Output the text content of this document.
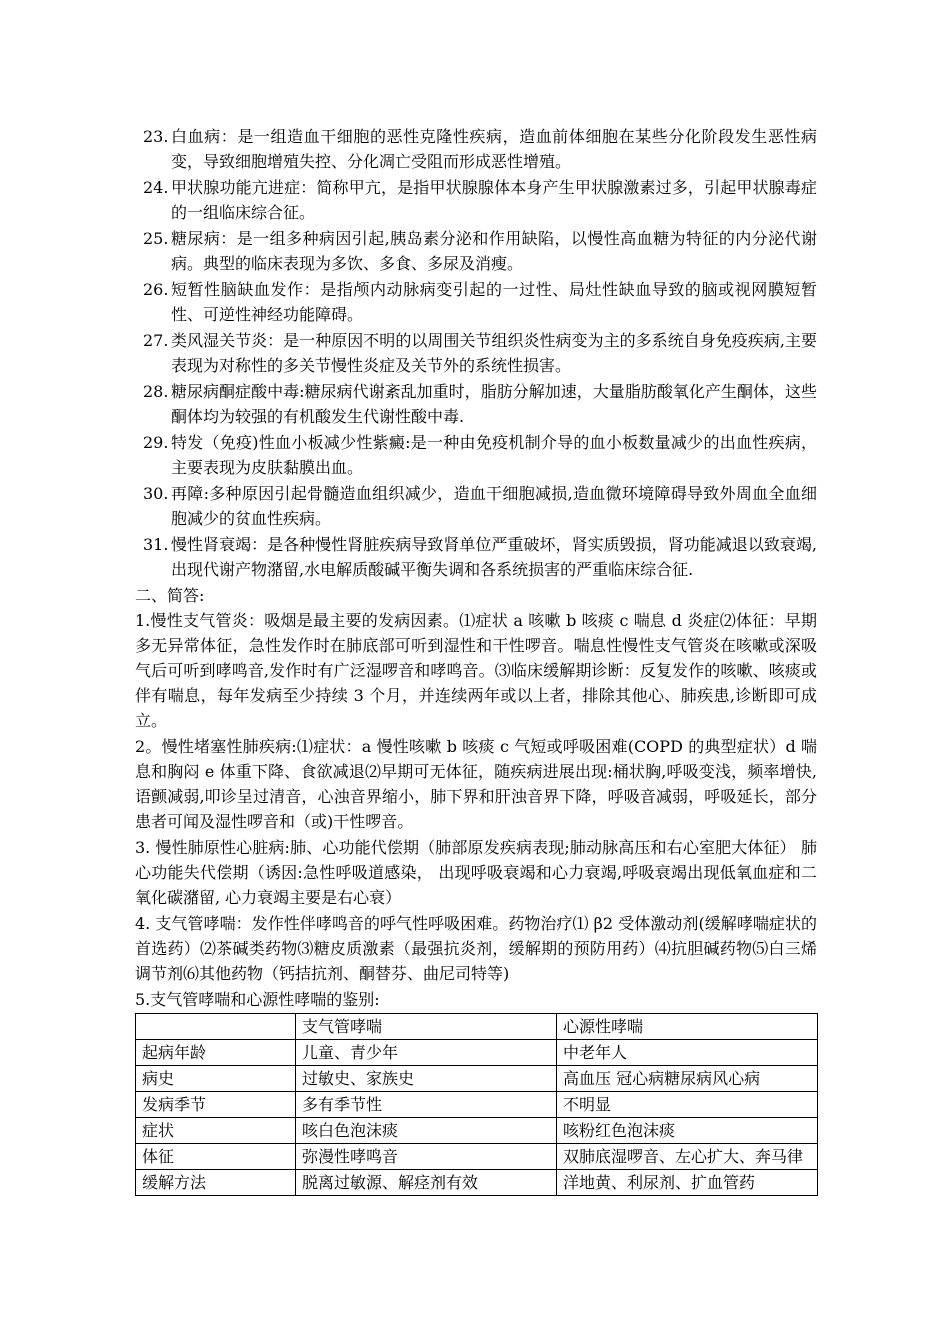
23. 白血病：是一组造血干细胞的恶性克隆性疾病，造血前体细胞在某些分化阶段发生恶性病变，导致细胞增殖失控、分化凋亡受阻而形成恶性增殖。
24. 甲状腺功能亢进症：简称甲亢，是指甲状腺腺体本身产生甲状腺激素过多，引起甲状腺毒症的一组临床综合征。
25. 糖尿病：是一组多种病因引起,胰岛素分泌和作用缺陷，以慢性高血糖为特征的内分泌代谢病。典型的临床表现为多饮、多食、多尿及消瘦。
26. 短暂性脑缺血发作：是指颅内动脉病变引起的一过性、局灶性缺血导致的脑或视网膜短暂性、可逆性神经功能障碍。
27. 类风湿关节炎：是一种原因不明的以周围关节组织炎性病变为主的多系统自身免疫疾病,主要表现为对称性的多关节慢性炎症及关节外的系统性损害。
28. 糖尿病酮症酸中毒:糖尿病代谢紊乱加重时，脂肪分解加速，大量脂肪酸氧化产生酮体，这些酮体均为较强的有机酸发生代谢性酸中毒.
29. 特发（免疫)性血小板减少性紫癜:是一种由免疫机制介导的血小板数量减少的出血性疾病，主要表现为皮肤黏膜出血。
30. 再障:多种原因引起骨髓造血组织减少，造血干细胞减损,造血微环境障碍导致外周血全血细胞减少的贫血性疾病。
31. 慢性肾衰竭：是各种慢性肾脏疾病导致肾单位严重破坏，肾实质毁损，肾功能减退以致衰竭,出现代谢产物潴留,水电解质酸碱平衡失调和各系统损害的严重临床综合征.
二、简答:
1.慢性支气管炎：吸烟是最主要的发病因素。⑴症状 a 咳嗽 b 咳痰 c 喘息 d 炎症⑵体征：早期多无异常体征，急性发作时在肺底部可听到湿性和干性啰音。喘息性慢性支气管炎在咳嗽或深吸气后可听到哮鸣音,发作时有广泛湿啰音和哮鸣音。⑶临床缓解期诊断：反复发作的咳嗽、咳痰或伴有喘息，每年发病至少持续 3 个月，并连续两年或以上者，排除其他心、肺疾患,诊断即可成立。
2。慢性堵塞性肺疾病:⑴症状：a 慢性咳嗽 b 咳痰 c 气短或呼吸困难(COPD 的典型症状）d 喘息和胸闷 e 体重下降、食欲减退⑵早期可无体征，随疾病进展出现:桶状胸,呼吸变浅，频率增快,语颤减弱,叩诊呈过清音，心浊音界缩小，肺下界和肝浊音界下降，呼吸音减弱，呼吸延长，部分患者可闻及湿性啰音和（或)干性啰音。
3. 慢性肺原性心脏病:肺、心功能代偿期（肺部原发疾病表现;肺动脉高压和右心室肥大体征） 肺心功能失代偿期（诱因:急性呼吸道感染， 出现呼吸衰竭和心力衰竭,呼吸衰竭出现低氧血症和二氧化碳潴留, 心力衰竭主要是右心衰）
4. 支气管哮喘：发作性伴哮鸣音的呼气性呼吸困难。药物治疗⑴ β2 受体激动剂(缓解哮喘症状的首选药）⑵茶碱类药物⑶糖皮质激素（最强抗炎剂，缓解期的预防用药）⑷抗胆碱药物⑸白三烯调节剂⑹其他药物（钙拮抗剂、酮替芬、曲尼司特等)
5.支气管哮喘和心源性哮喘的鉴别:
	支气管哮喘	心源性哮喘
起病年龄	儿童、青少年	中老年人
病史	过敏史、家族史	高血压 冠心病糖尿病风心病
发病季节	多有季节性	不明显
症状	咳白色泡沫痰	咳粉红色泡沫痰
体征	弥漫性哮鸣音	双肺底湿啰音、左心扩大、奔马律
缓解方法	脱离过敏源、解痉剂有效	洋地黄、利尿剂、扩血管药
